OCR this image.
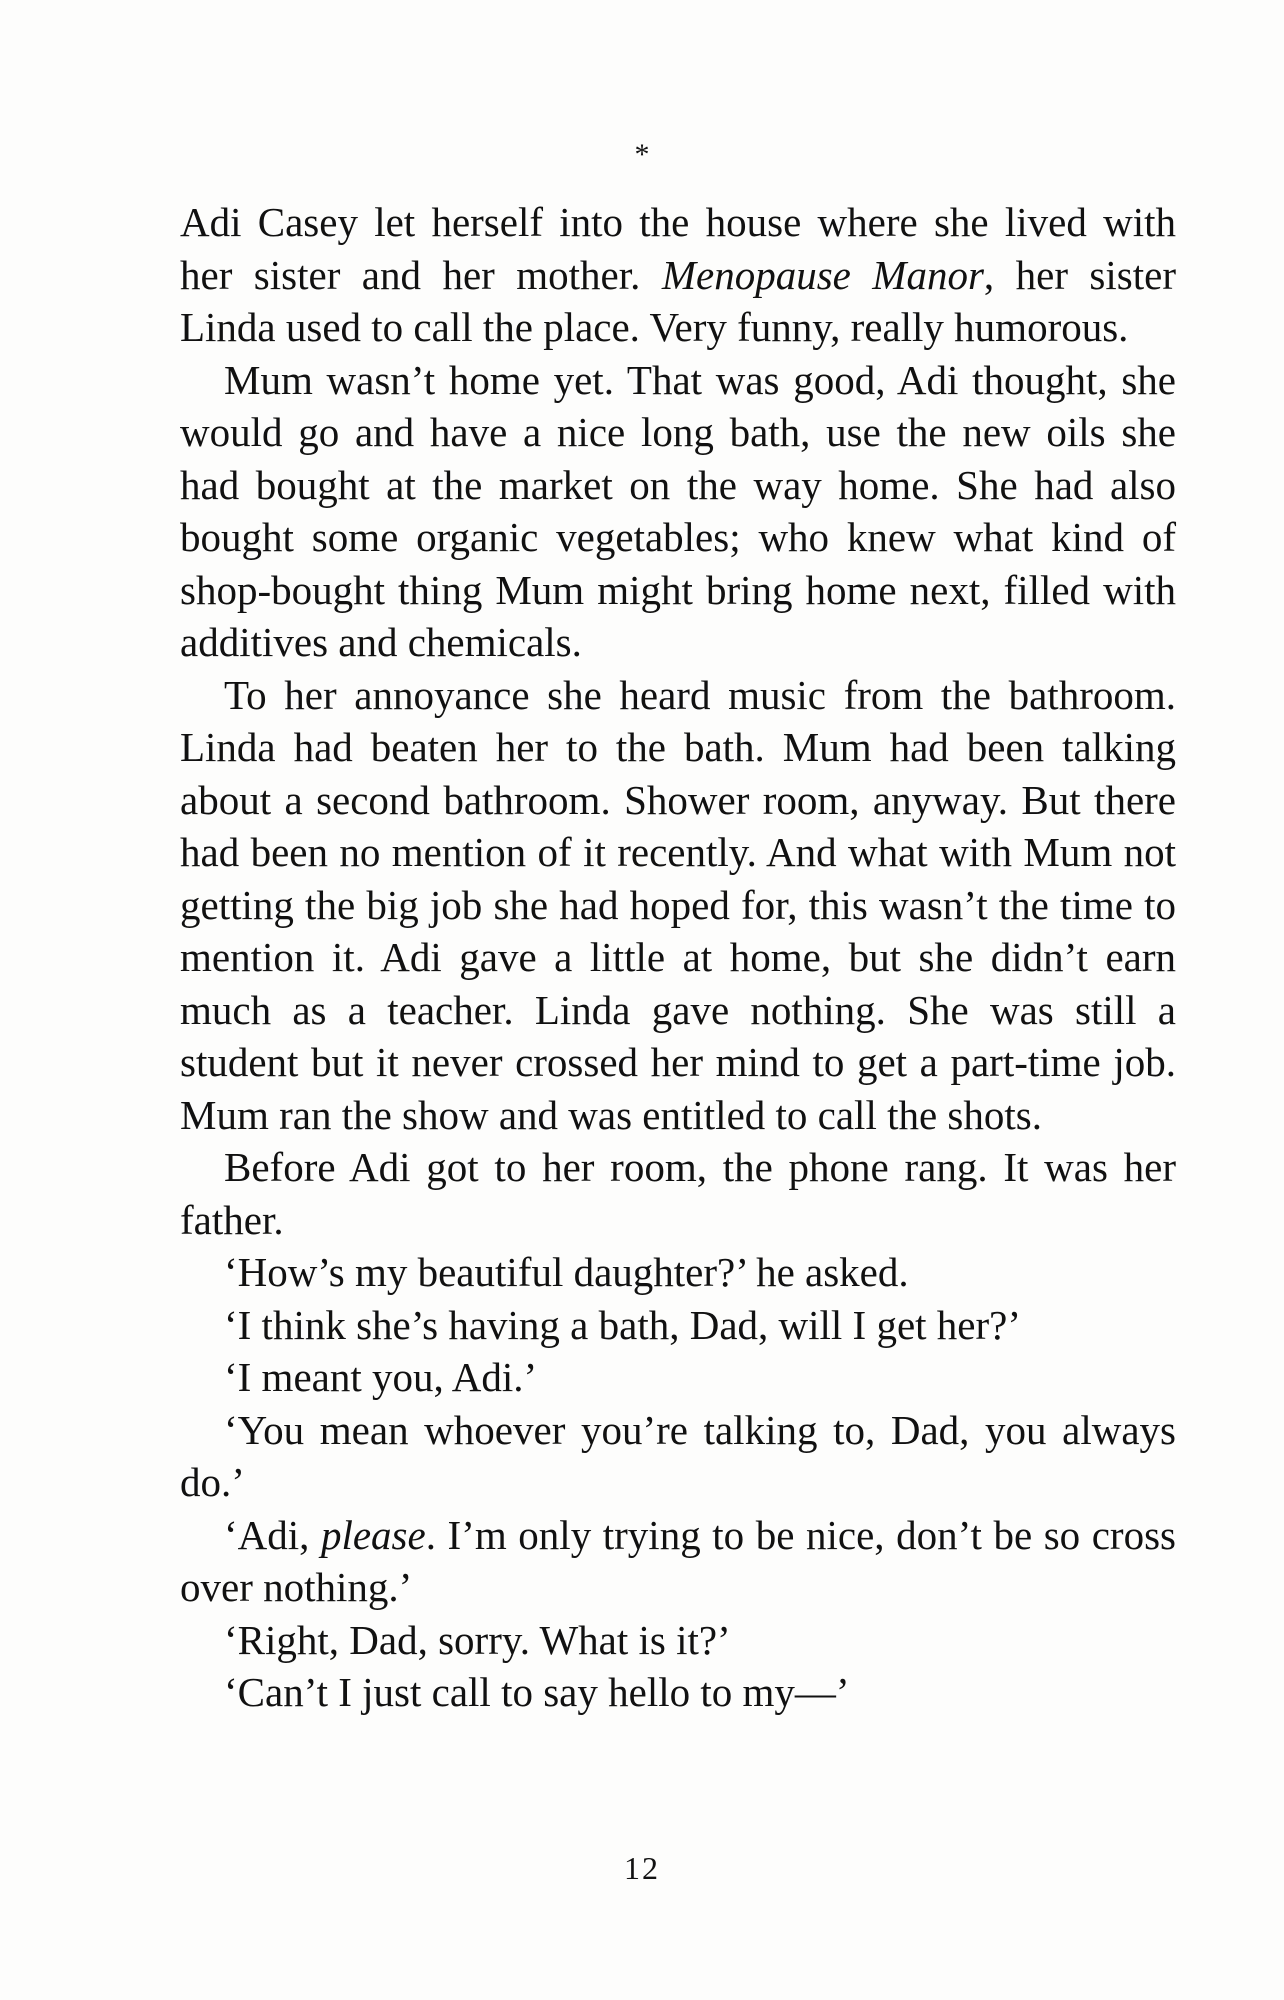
*

Adi Casey let herself into the house where she lived with her sister and her mother. Menopause Manor, her sister Linda used to call the place. Very funny, really humorous.

Mum wasn’t home yet. That was good, Adi thought, she would go and have a nice long bath, use the new oils she had bought at the market on the way home. She had also bought some organic vegetables; who knew what kind of shop-bought thing Mum might bring home next, filled with additives and chemicals.

To her annoyance she heard music from the bathroom. Linda had beaten her to the bath. Mum had been talking about a second bathroom. Shower room, anyway. But there had been no mention of it recently. And what with Mum not getting the big job she had hoped for, this wasn’t the time to mention it. Adi gave a little at home, but she didn’t earn much as a teacher. Linda gave nothing. She was still a student but it never crossed her mind to get a part-time job. Mum ran the show and was entitled to call the shots.

Before Adi got to her room, the phone rang. It was her father.

‘How’s my beautiful daughter?’ he asked.

‘I think she’s having a bath, Dad, will I get her?’

‘I meant you, Adi.’

‘You mean whoever you’re talking to, Dad, you always do.’

‘Adi, please. I’m only trying to be nice, don’t be so cross over nothing.’

‘Right, Dad, sorry. What is it?’

‘Can’t I just call to say hello to my—’

12
